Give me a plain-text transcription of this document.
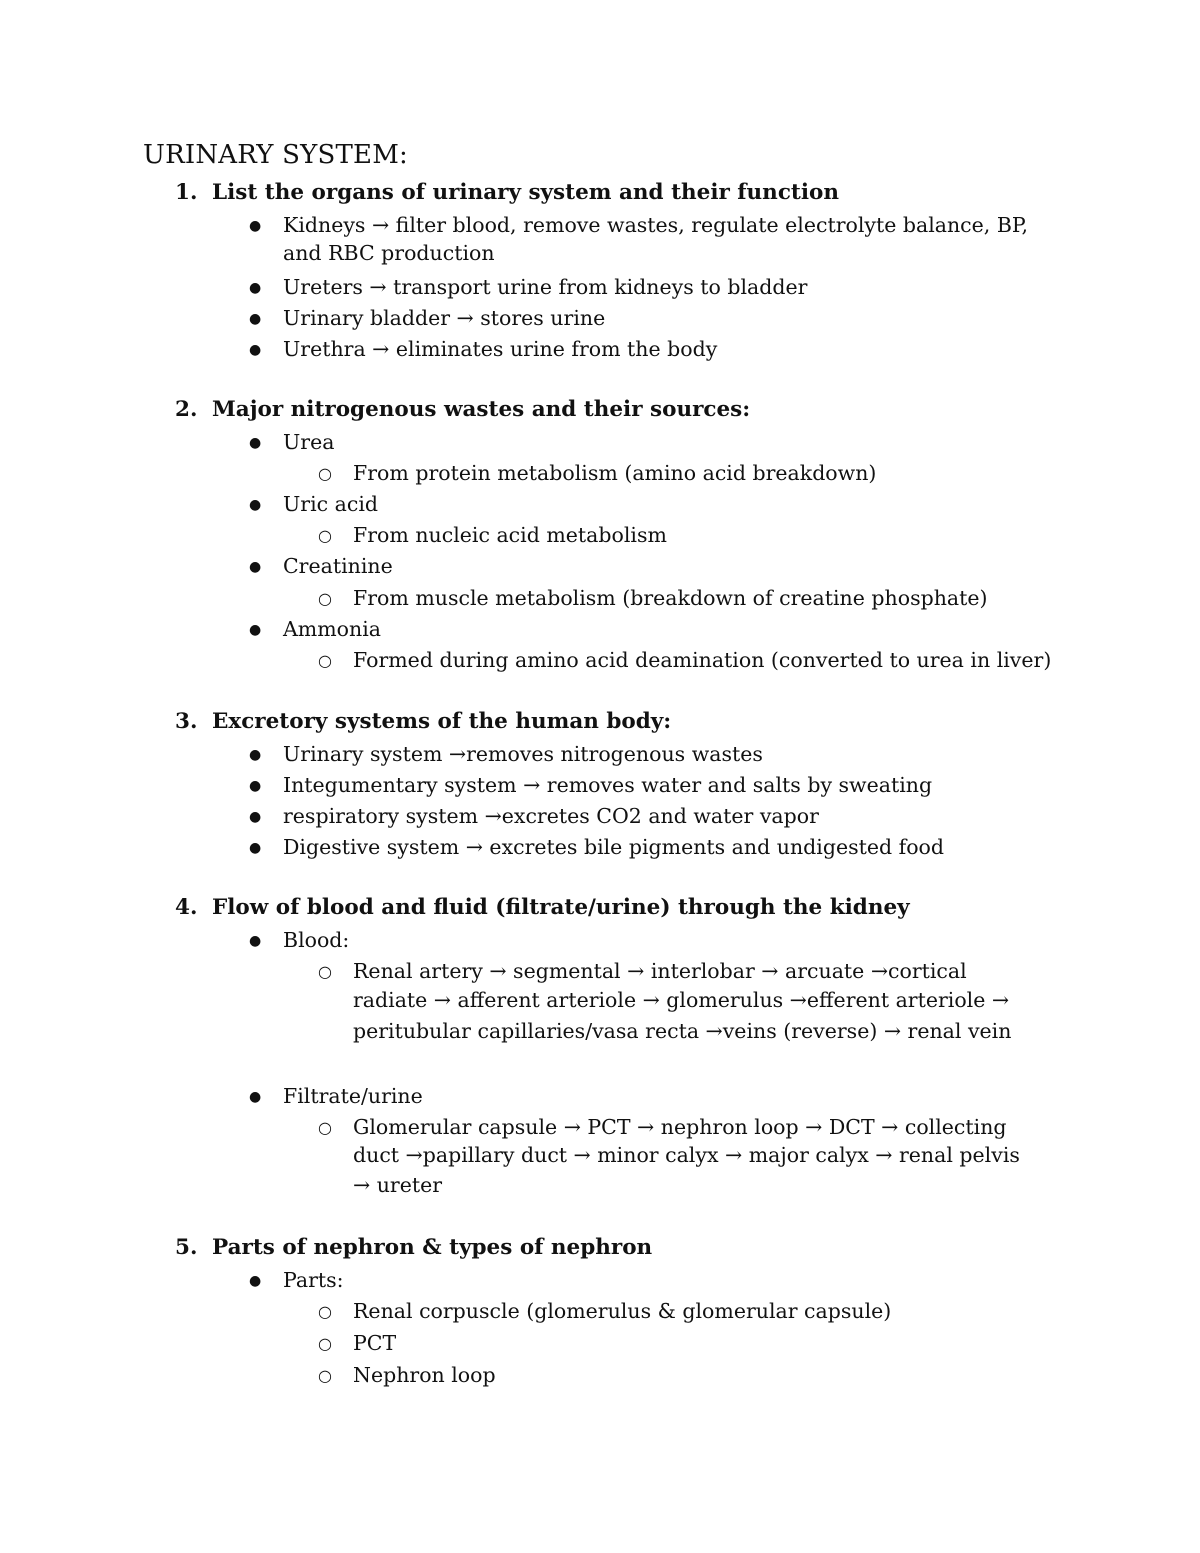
URINARY SYSTEM:
1. List the organs of urinary system and their function
● Kidneys → filter blood, remove wastes, regulate electrolyte balance, BP,
and RBC production
● Ureters → transport urine from kidneys to bladder
● Urinary bladder → stores urine
● Urethra → eliminates urine from the body
2. Major nitrogenous wastes and their sources:
● Urea
○ From protein metabolism (amino acid breakdown)
● Uric acid
○ From nucleic acid metabolism
● Creatinine
○ From muscle metabolism (breakdown of creatine phosphate)
● Ammonia
○ Formed during amino acid deamination (converted to urea in liver)
3. Excretory systems of the human body:
● Urinary system →removes nitrogenous wastes
● Integumentary system → removes water and salts by sweating
● respiratory system →excretes CO2 and water vapor
● Digestive system → excretes bile pigments and undigested food
4. Flow of blood and fluid (filtrate/urine) through the kidney
● Blood:
○ Renal artery → segmental → interlobar → arcuate →cortical
radiate → afferent arteriole → glomerulus →efferent arteriole →
peritubular capillaries/vasa recta →veins (reverse) → renal vein
● Filtrate/urine
○ Glomerular capsule → PCT → nephron loop → DCT → collecting
duct →papillary duct → minor calyx → major calyx → renal pelvis
→ ureter
5. Parts of nephron & types of nephron
● Parts:
○ Renal corpuscle (glomerulus & glomerular capsule)
○ PCT
○ Nephron loop
